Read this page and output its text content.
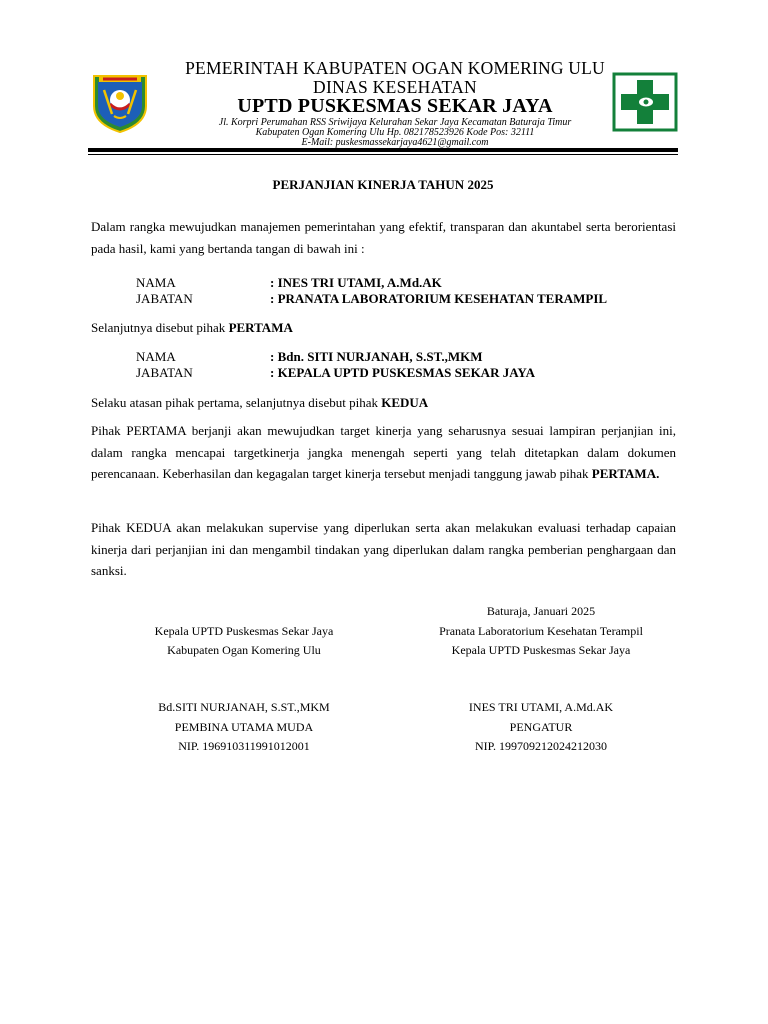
PEMERINTAH KABUPATEN OGAN KOMERING ULU
DINAS KESEHATAN
UPTD PUSKESMAS SEKAR JAYA
Jl. Korpri Perumahan RSS Sriwijaya Kelurahan Sekar Jaya Kecamatan Baturaja Timur
Kabupaten Ogan Komering Ulu Hp. 082178523926 Kode Pos: 32111
E-Mail: puskesmassekarjaya4621@gmail.com
PERJANJIAN KINERJA TAHUN 2025
Dalam rangka mewujudkan manajemen pemerintahan yang efektif, transparan dan akuntabel serta berorientasi pada hasil, kami yang bertanda tangan di bawah ini :
NAMA	: INES TRI UTAMI, A.Md.AK
JABATAN	: PRANATA LABORATORIUM KESEHATAN TERAMPIL
Selanjutnya disebut pihak PERTAMA
NAMA	: Bdn. SITI NURJANAH, S.ST.,MKM
JABATAN	: KEPALA UPTD PUSKESMAS SEKAR JAYA
Selaku atasan pihak pertama, selanjutnya disebut pihak KEDUA
Pihak PERTAMA berjanji akan mewujudkan target kinerja yang seharusnya sesuai lampiran perjanjian ini, dalam rangka mencapai targetkinerja jangka menengah seperti yang telah ditetapkan dalam dokumen perencanaan. Keberhasilan dan kegagalan target kinerja tersebut menjadi tanggung jawab pihak PERTAMA.
Pihak KEDUA akan melakukan supervise yang diperlukan serta akan melakukan evaluasi terhadap capaian kinerja dari perjanjian ini dan mengambil tindakan yang diperlukan dalam rangka pemberian penghargaan dan sanksi.
Baturaja, Januari 2025
Kepala UPTD Puskesmas Sekar Jaya
Kabupaten Ogan Komering Ulu
Pranata Laboratorium Kesehatan Terampil
Kepala UPTD Puskesmas Sekar Jaya
Bd.SITI NURJANAH, S.ST.,MKM
PEMBINA UTAMA MUDA
NIP. 196910311991012001
INES TRI UTAMI, A.Md.AK
PENGATUR
NIP. 199709212024212030
